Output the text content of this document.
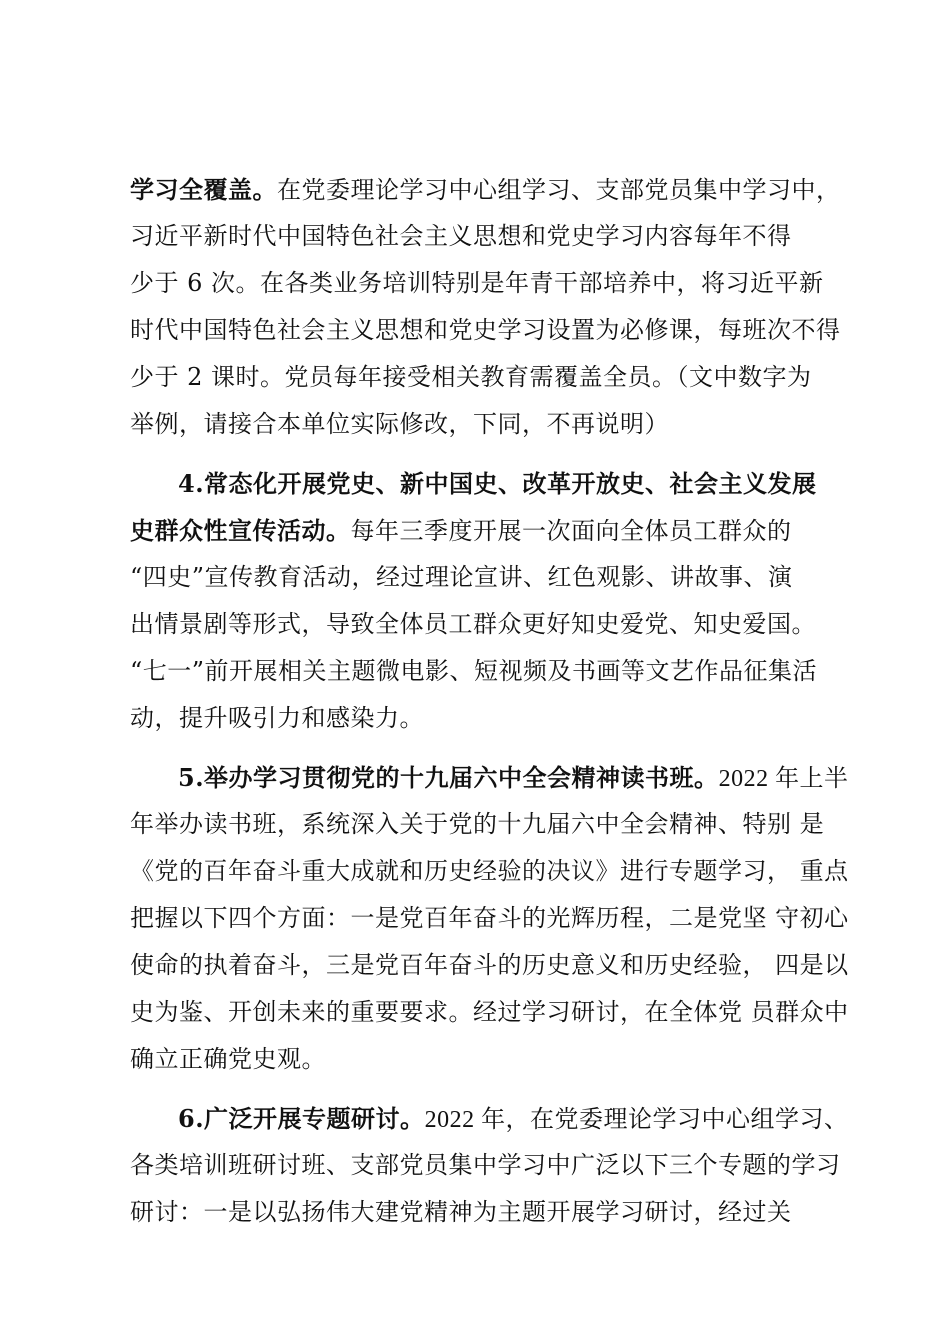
学习全覆盖。在党委理论学习中心组学习、支部党员集中学习中，
习近平新时代中国特色社会主义思想和党史学习内容每年不得
少于 6 次。在各类业务培训特别是年青干部培养中，将习近平新
时代中国特色社会主义思想和党史学习设置为必修课，每班次不得
少于 2 课时。党员每年接受相关教育需覆盖全员。（文中数字为
举例，请接合本单位实际修改，下同，不再说明）
4.常态化开展党史、新中国史、改革开放史、社会主义发展
史群众性宣传活动。每年三季度开展一次面向全体员工群众的
“四史”宣传教育活动，经过理论宣讲、红色观影、讲故事、演
出情景剧等形式，导致全体员工群众更好知史爱党、知史爱国。
“七一”前开展相关主题微电影、短视频及书画等文艺作品征集活
动，提升吸引力和感染力。
5.举办学习贯彻党的十九届六中全会精神读书班。2022 年上半
年举办读书班，系统深入关于党的十九届六中全会精神、特别 是
《党的百年奋斗重大成就和历史经验的决议》进行专题学习， 重点
把握以下四个方面：一是党百年奋斗的光辉历程，二是党坚 守初心
使命的执着奋斗，三是党百年奋斗的历史意义和历史经验， 四是以
史为鉴、开创未来的重要要求。经过学习研讨，在全体党 员群众中
确立正确党史观。
6.广泛开展专题研讨。2022 年，在党委理论学习中心组学习、
各类培训班研讨班、支部党员集中学习中广泛以下三个专题的学习
研讨：一是以弘扬伟大建党精神为主题开展学习研讨，经过关
